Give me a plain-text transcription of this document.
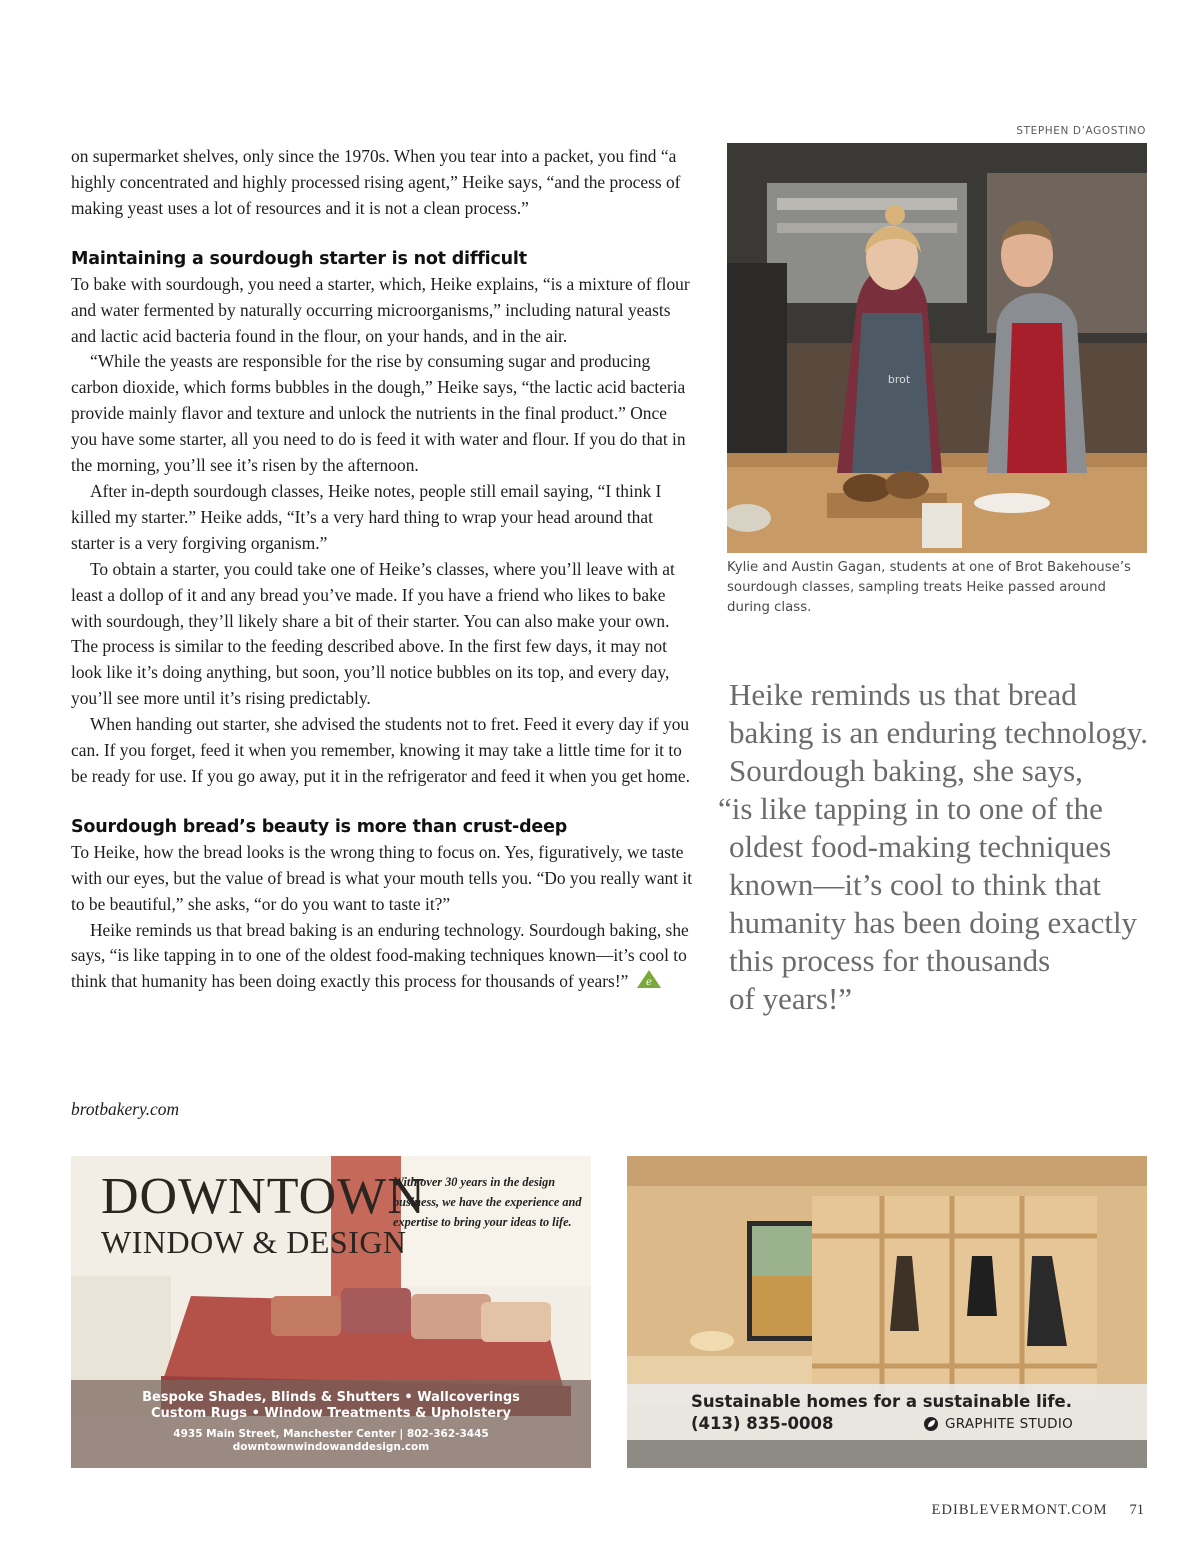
STEPHEN D’AGOSTINO

on supermarket shelves, only since the 1970s. When you tear into a packet, you find “a highly concentrated and highly processed rising agent,” Heike says, “and the process of making yeast uses a lot of resources and it is not a clean process.”

Maintaining a sourdough starter is not difficult

To bake with sourdough, you need a starter, which, Heike explains, “is a mixture of flour and water fermented by naturally occurring microorganisms,” including natural yeasts and lactic acid bacteria found in the flour, on your hands, and in the air.

“While the yeasts are responsible for the rise by consuming sugar and producing carbon dioxide, which forms bubbles in the dough,” Heike says, “the lactic acid bacteria provide mainly flavor and texture and unlock the nutrients in the final product.” Once you have some starter, all you need to do is feed it with water and flour. If you do that in the morning, you’ll see it’s risen by the afternoon.

After in-depth sourdough classes, Heike notes, people still email saying, “I think I killed my starter.” Heike adds, “It’s a very hard thing to wrap your head around that starter is a very forgiving organism.”

To obtain a starter, you could take one of Heike’s classes, where you’ll leave with at least a dollop of it and any bread you’ve made. If you have a friend who likes to bake with sourdough, they’ll likely share a bit of their starter. You can also make your own. The process is similar to the feeding described above. In the first few days, it may not look like it’s doing anything, but soon, you’ll notice bubbles on its top, and every day, you’ll see more until it’s rising predictably.

When handing out starter, she advised the students not to fret. Feed it every day if you can. If you forget, feed it when you remember, knowing it may take a little time for it to be ready for use. If you go away, put it in the refrigerator and feed it when you get home.

Sourdough bread’s beauty is more than crust-deep

To Heike, how the bread looks is the wrong thing to focus on. Yes, figuratively, we taste with our eyes, but the value of bread is what your mouth tells you. “Do you really want it to be beautiful,” she asks, “or do you want to taste it?”

Heike reminds us that bread baking is an enduring technology. Sourdough baking, she says, “is like tapping in to one of the oldest food-making techniques known—it’s cool to think that humanity has been doing exactly this process for thousands of years!” e

brotbakery.com
brot
Kylie and Austin Gagan, students at one of Brot Bakehouse’s sourdough classes, sampling treats Heike passed around during class.
Heike reminds us that bread
baking is an enduring technology.
Sourdough baking, she says,
“is like tapping in to one of the
oldest food-making techniques
known—it’s cool to think that
humanity has been doing exactly
this process for thousands
of years!”
DOWNTOWN
WINDOW & DESIGN
With over 30 years in the design business, we have the experience and expertise to bring your ideas to life.
Bespoke Shades, Blinds & Shutters • Wallcoverings
Custom Rugs • Window Treatments & Upholstery
4935 Main Street, Manchester Center | 802-362-3445
downtownwindowanddesign.com
Sustainable homes for a sustainable life.
(413) 835-0008	GRAPHITE STUDIO
EDIBLEVERMONT.COM 71
